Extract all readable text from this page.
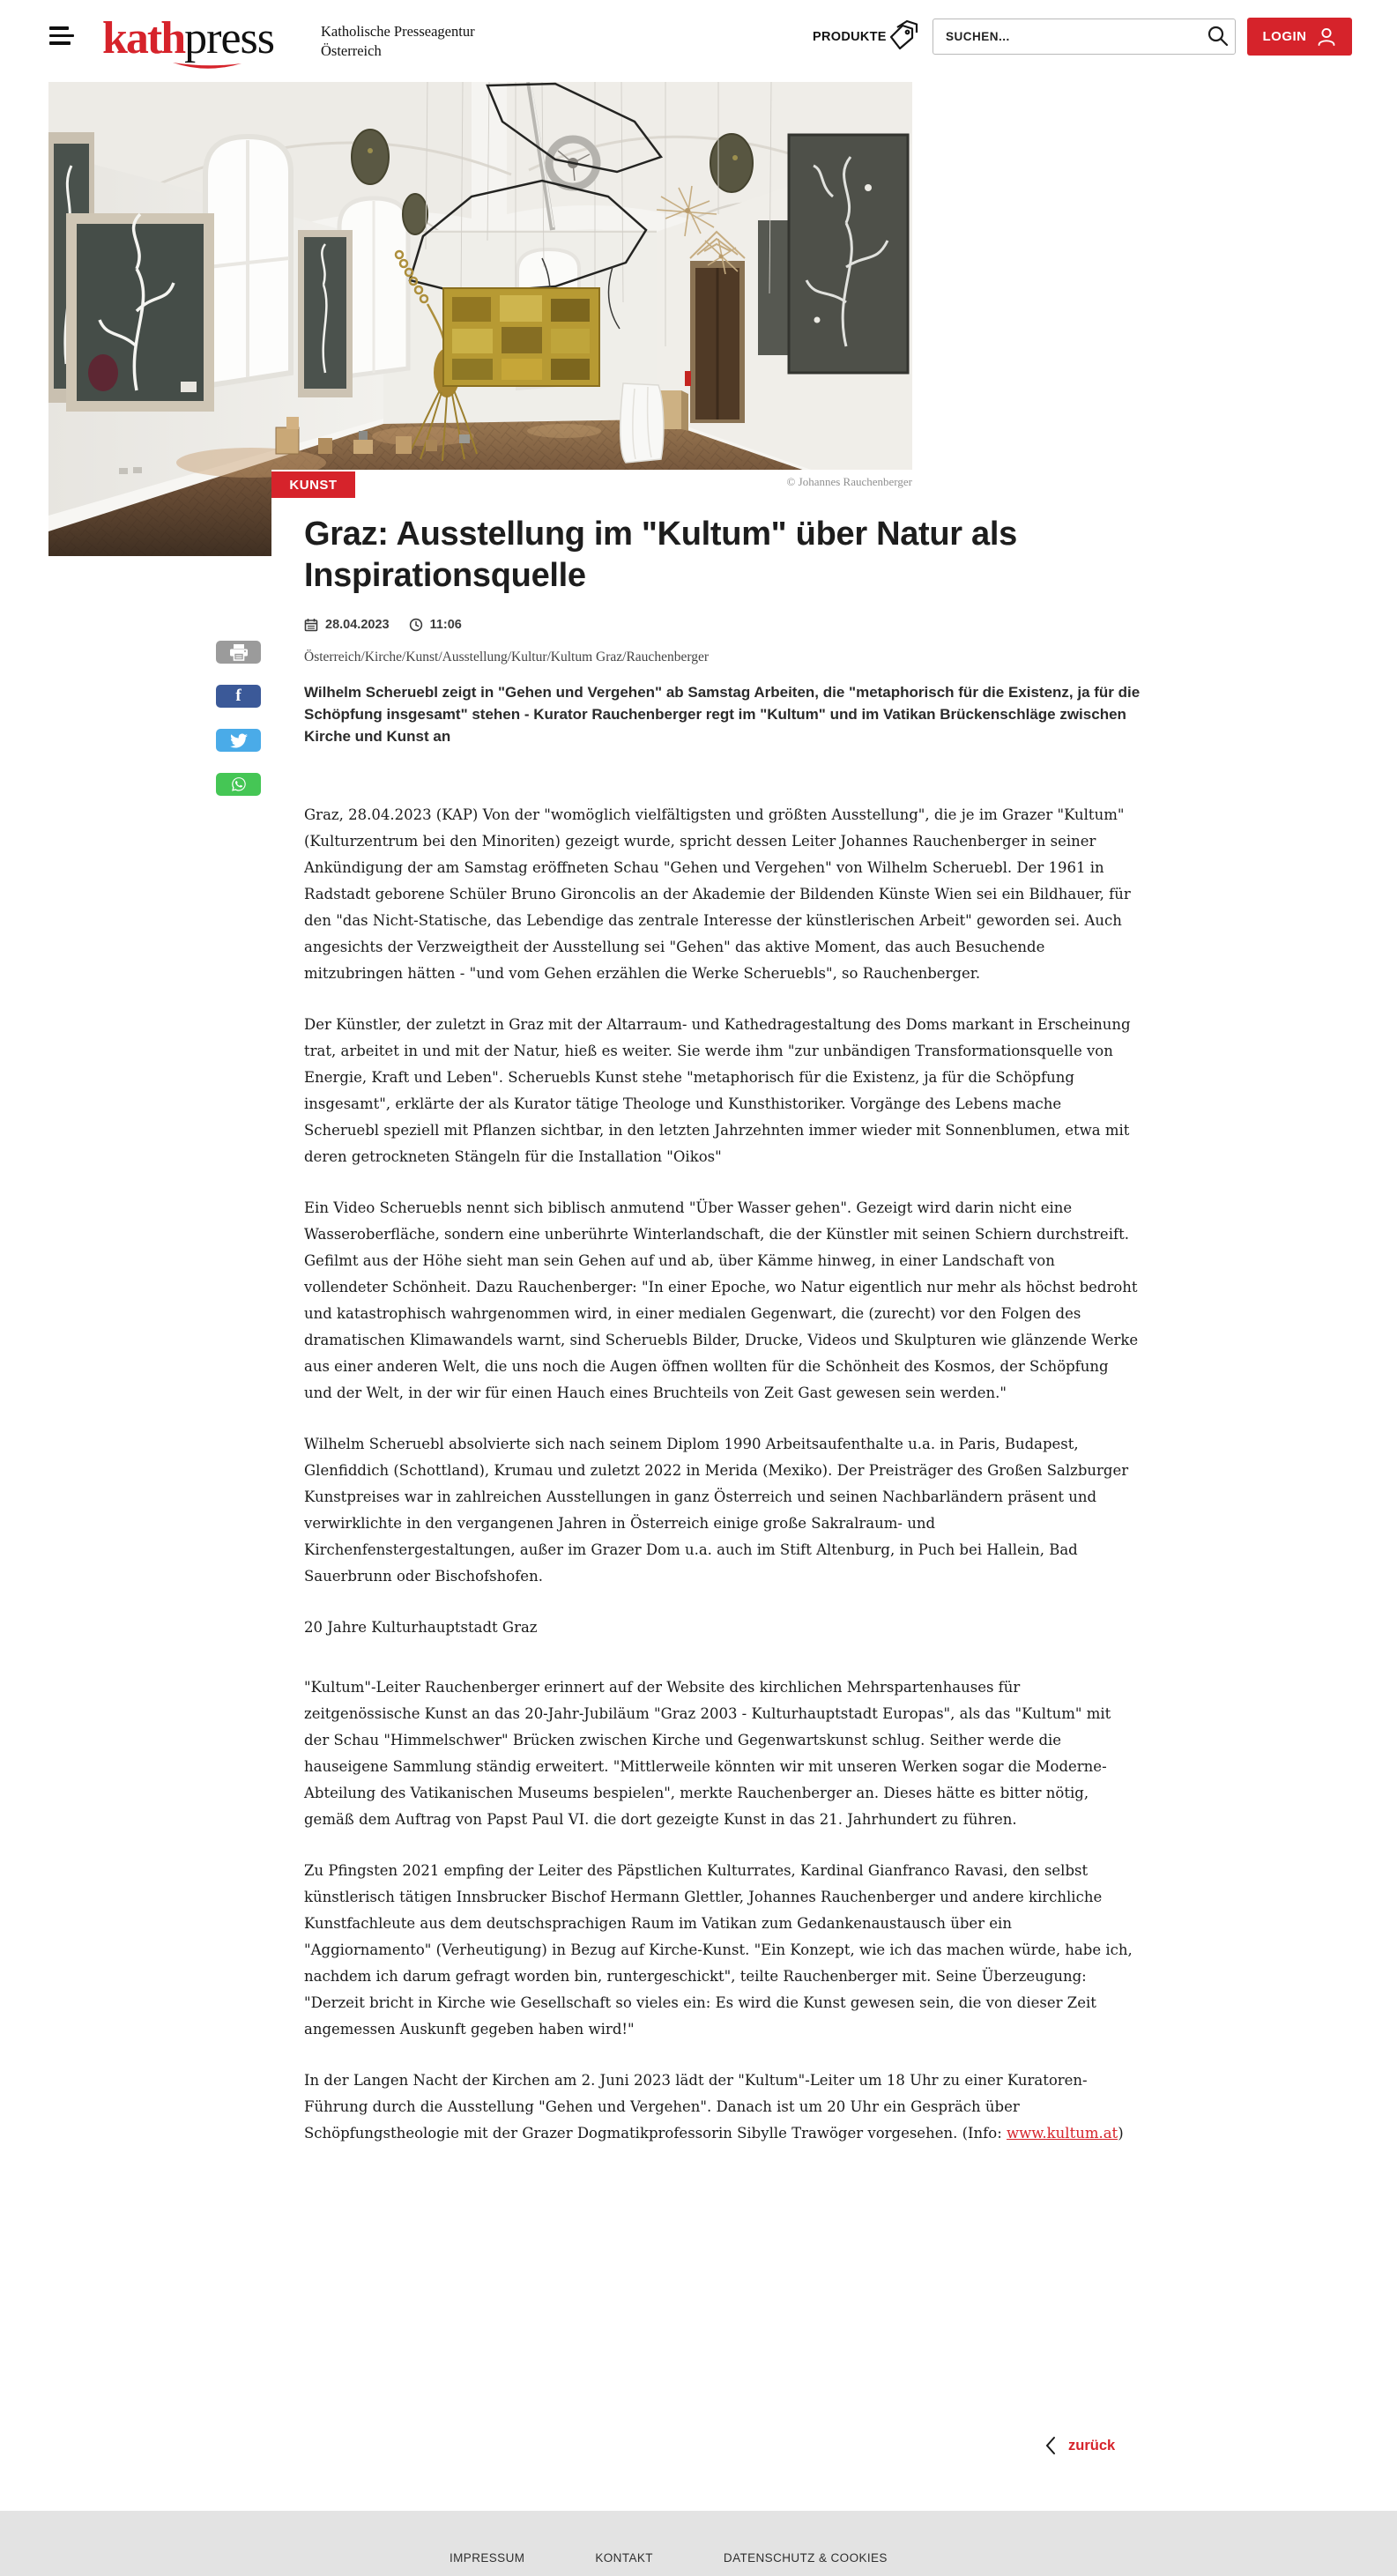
kathpress	Katholische Presseagentur
Österreich
PRODUKTE
SUCHEN...	LOGIN
KUNST	© Johannes Rauchenberger
Graz: Ausstellung im "Kultum" über Natur als Inspirationsquelle
28.04.2023	11:06
Österreich/Kirche/Kunst/Ausstellung/Kultur/Kultum Graz/Rauchenberger
f	Wilhelm Scheruebl zeigt in "Gehen und Vergehen" ab Samstag Arbeiten, die "metaphorisch für die Existenz, ja für die Schöpfung insgesamt" stehen - Kurator Rauchenberger regt im "Kultum" und im Vatikan Brückenschläge zwischen Kirche und Kunst an

Graz, 28.04.2023 (KAP) Von der "womöglich vielfältigsten und größten Ausstellung", die je im Grazer "Kultum" (Kulturzentrum bei den Minoriten) gezeigt wurde, spricht dessen Leiter Johannes Rauchenberger in seiner Ankündigung der am Samstag eröffneten Schau "Gehen und Vergehen" von Wilhelm Scheruebl. Der 1961 in Radstadt geborene Schüler Bruno Gironcolis an der Akademie der Bildenden Künste Wien sei ein Bildhauer, für den "das Nicht-Statische, das Lebendige das zentrale Interesse der künstlerischen Arbeit" geworden sei. Auch angesichts der Verzweigtheit der Ausstellung sei "Gehen" das aktive Moment, das auch Besuchende mitzubringen hätten - "und vom Gehen erzählen die Werke Scheruebls", so Rauchenberger.

Der Künstler, der zuletzt in Graz mit der Altarraum- und Kathedragestaltung des Doms markant in Erscheinung trat, arbeitet in und mit der Natur, hieß es weiter. Sie werde ihm "zur unbändigen Transformationsquelle von Energie, Kraft und Leben". Scheruebls Kunst stehe "metaphorisch für die Existenz, ja für die Schöpfung insgesamt", erklärte der als Kurator tätige Theologe und Kunsthistoriker. Vorgänge des Lebens mache Scheruebl speziell mit Pflanzen sichtbar, in den letzten Jahrzehnten immer wieder mit Sonnenblumen, etwa mit deren getrockneten Stängeln für die Installation "Oikos"

Ein Video Scheruebls nennt sich biblisch anmutend "Über Wasser gehen". Gezeigt wird darin nicht eine Wasseroberfläche, sondern eine unberührte Winterlandschaft, die der Künstler mit seinen Schiern durchstreift. Gefilmt aus der Höhe sieht man sein Gehen auf und ab, über Kämme hinweg, in einer Landschaft von vollendeter Schönheit. Dazu Rauchenberger: "In einer Epoche, wo Natur eigentlich nur mehr als höchst bedroht und katastrophisch wahrgenommen wird, in einer medialen Gegenwart, die (zurecht) vor den Folgen des dramatischen Klimawandels warnt, sind Scheruebls Bilder, Drucke, Videos und Skulpturen wie glänzende Werke aus einer anderen Welt, die uns noch die Augen öffnen wollten für die Schönheit des Kosmos, der Schöpfung und der Welt, in der wir für einen Hauch eines Bruchteils von Zeit Gast gewesen sein werden."

Wilhelm Scheruebl absolvierte sich nach seinem Diplom 1990 Arbeitsaufenthalte u.a. in Paris, Budapest, Glenfiddich (Schottland), Krumau und zuletzt 2022 in Merida (Mexiko). Der Preisträger des Großen Salzburger Kunstpreises war in zahlreichen Ausstellungen in ganz Österreich und seinen Nachbarländern präsent und verwirklichte in den vergangenen Jahren in Österreich einige große Sakralraum- und Kirchenfenstergestaltungen, außer im Grazer Dom u.a. auch im Stift Altenburg, in Puch bei Hallein, Bad Sauerbrunn oder Bischofshofen.

20 Jahre Kulturhauptstadt Graz

"Kultum"-Leiter Rauchenberger erinnert auf der Website des kirchlichen Mehrspartenhauses für zeitgenössische Kunst an das 20-Jahr-Jubiläum "Graz 2003 - Kulturhauptstadt Europas", als das "Kultum" mit der Schau "Himmelschwer" Brücken zwischen Kirche und Gegenwartskunst schlug. Seither werde die hauseigene Sammlung ständig erweitert. "Mittlerweile könnten wir mit unseren Werken sogar die Moderne-Abteilung des Vatikanischen Museums bespielen", merkte Rauchenberger an. Dieses hätte es bitter nötig, gemäß dem Auftrag von Papst Paul VI. die dort gezeigte Kunst in das 21. Jahrhundert zu führen.

Zu Pfingsten 2021 empfing der Leiter des Päpstlichen Kulturrates, Kardinal Gianfranco Ravasi, den selbst künstlerisch tätigen Innsbrucker Bischof Hermann Glettler, Johannes Rauchenberger und andere kirchliche Kunstfachleute aus dem deutschsprachigen Raum im Vatikan zum Gedankenaustausch über ein "Aggiornamento" (Verheutigung) in Bezug auf Kirche-Kunst. "Ein Konzept, wie ich das machen würde, habe ich, nachdem ich darum gefragt worden bin, runtergeschickt", teilte Rauchenberger mit. Seine Überzeugung: "Derzeit bricht in Kirche wie Gesellschaft so vieles ein: Es wird die Kunst gewesen sein, die von dieser Zeit angemessen Auskunft gegeben haben wird!"

In der Langen Nacht der Kirchen am 2. Juni 2023 lädt der "Kultum"-Leiter um 18 Uhr zu einer Kuratoren-Führung durch die Ausstellung "Gehen und Vergehen". Danach ist um 20 Uhr ein Gespräch über Schöpfungstheologie mit der Grazer Dogmatikprofessorin Sibylle Trawöger vorgesehen. (Info: www.kultum.at)

zurück
IMPRESSUM	KONTAKT	DATENSCHUTZ & COOKIES
